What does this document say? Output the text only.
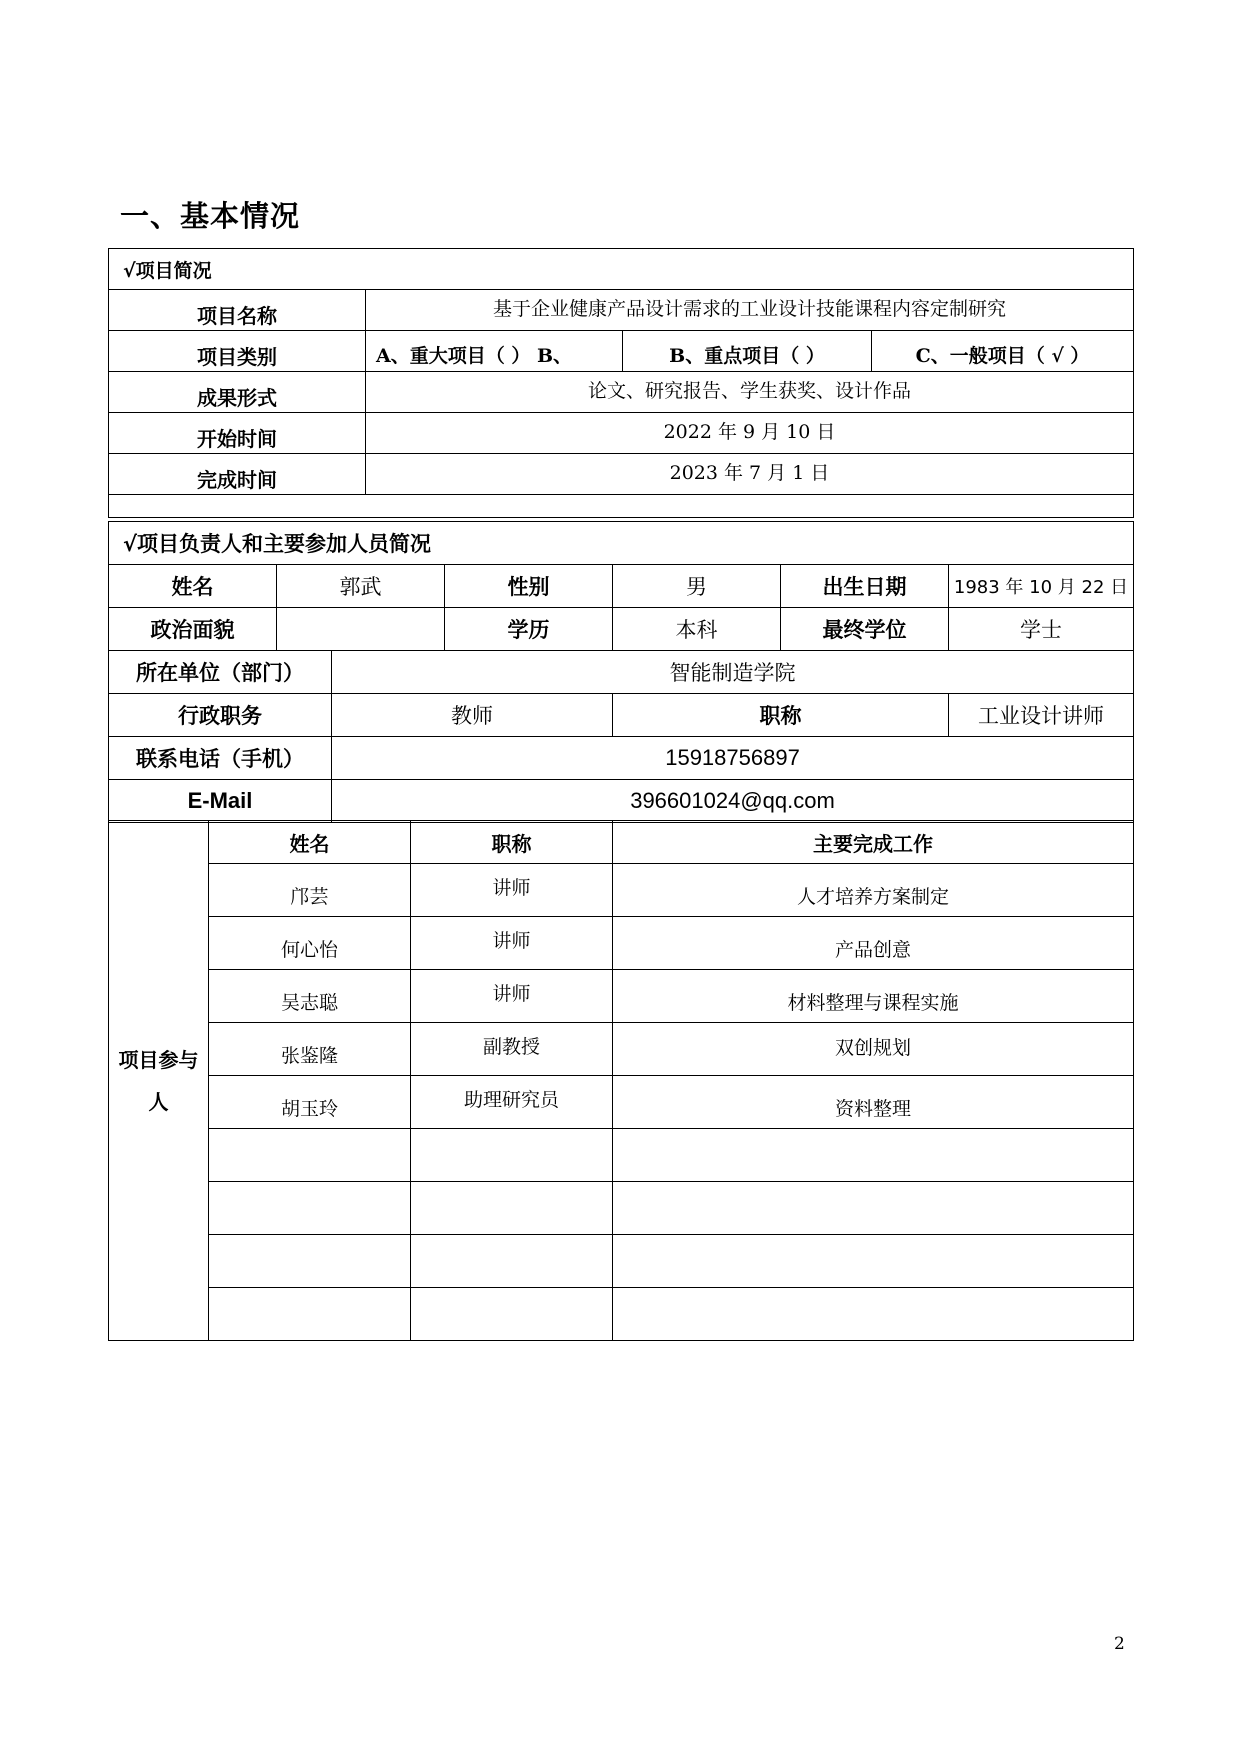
一、基本情况
√项目简况			
项目名称	基于企业健康产品设计需求的工业设计技能课程内容定制研究		
项目类别	A、重大项目（ ） B、	B、重点项目（ ）	C、一般项目（ √ ）
成果形式	论文、研究报告、学生获奖、设计作品		
开始时间	2022 年 9 月 10 日		
完成时间	2023 年 7 月 1 日		

√项目负责人和主要参加人员简况						
姓名	郭武		性别	男	出生日期	1983 年 10 月 22 日
政治面貌			学历	本科	最终学位	学士
所在单位（部门）		智能制造学院				
行政职务		教师		职称		工业设计讲师
联系电话（手机）		15918756897				
E-Mail		396601024@qq.com				
项目参与人	姓名	职称	主要完成工作
	邝芸	讲师	人才培养方案制定
	何心怡	讲师	产品创意
	吴志聪	讲师	材料整理与课程实施
	张鉴隆	副教授	双创规划
	胡玉玲	助理研究员	资料整理

2
